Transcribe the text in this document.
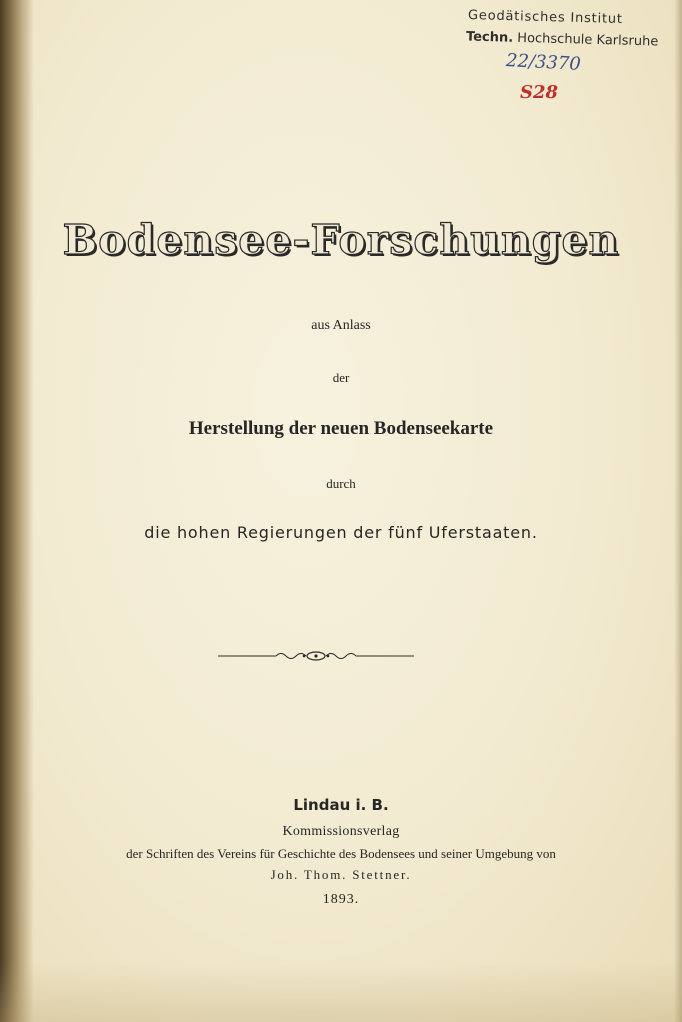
Geodätisches Institut
Techn. Hochschule Karlsruhe
22/3370
S28
Bodensee-Forschungen
aus Anlass
der
Herstellung der neuen Bodenseekarte
durch
die hohen Regierungen der fünf Uferstaaten.
Lindau i. B.
Kommissionsverlag
der Schriften des Vereins für Geschichte des Bodensees und seiner Umgebung von
Joh. Thom. Stettner.
1893.
